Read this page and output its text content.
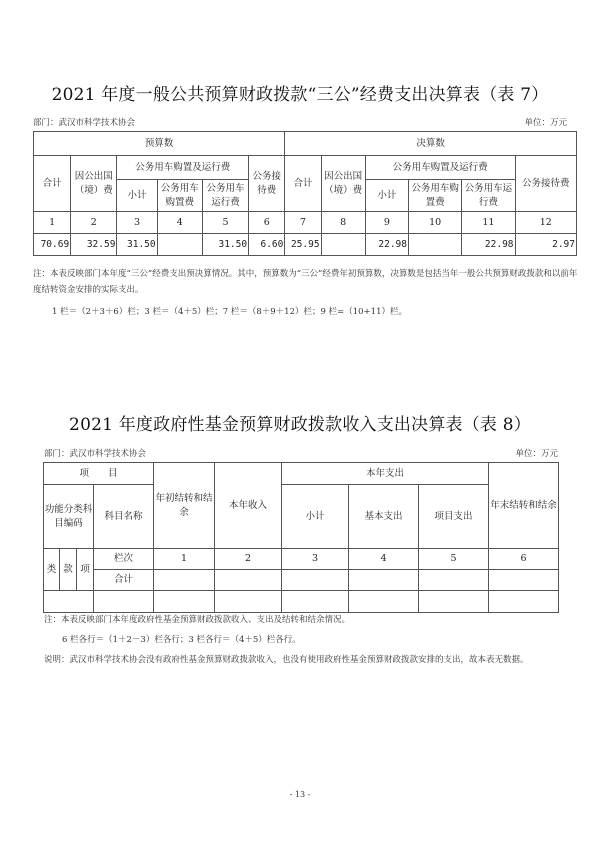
2021 年度一般公共预算财政拨款“三公”经费支出决算表（表 7）
部门：武汉市科学技术协会	单位：万元
预算数						决算数					
合计	因公出国（境）费	公务用车购置及运行费			公务接待费	合计	因公出国（境）费	公务用车购置及运行费			公务接待费
		小计	公务用车购置费	公务用车运行费				小计	公务用车购置费	公务用车运行费	
1	2	3	4	5	6	7	8	9	10	11	12
70.69	32.59	31.50		31.50	6.60	25.95		22.98		22.98	2.97
注：本表反映部门本年度“三公”经费支出预决算情况。其中，预算数为“三公”经费年初预算数，决算数是包括当年一般公共预算财政拨款和以前年度结转资金安排的实际支出。
1 栏＝（2＋3＋6）栏；3 栏＝（4＋5）栏；7 栏＝（8＋9＋12）栏；9 栏=（10+11）栏。
2021 年度政府性基金预算财政拨款收入支出决算表（表 8）
部门：武汉市科学技术协会	单位：万元
项　　目				年初结转和结余	本年收入	本年支出			年末结转和结余
功能分类科目编码			科目名称			小计	基本支出	项目支出	
类	款	项	栏次	1	2	3	4	5	6
			合计						

注：本表反映部门本年度政府性基金预算财政拨款收入、支出及结转和结余情况。
6 栏各行＝（1＋2－3）栏各行；3 栏各行＝（4＋5）栏各行。
说明：武汉市科学技术协会没有政府性基金预算财政拨款收入，也没有使用政府性基金预算财政拨款安排的支出，故本表无数据。
- 13 -
